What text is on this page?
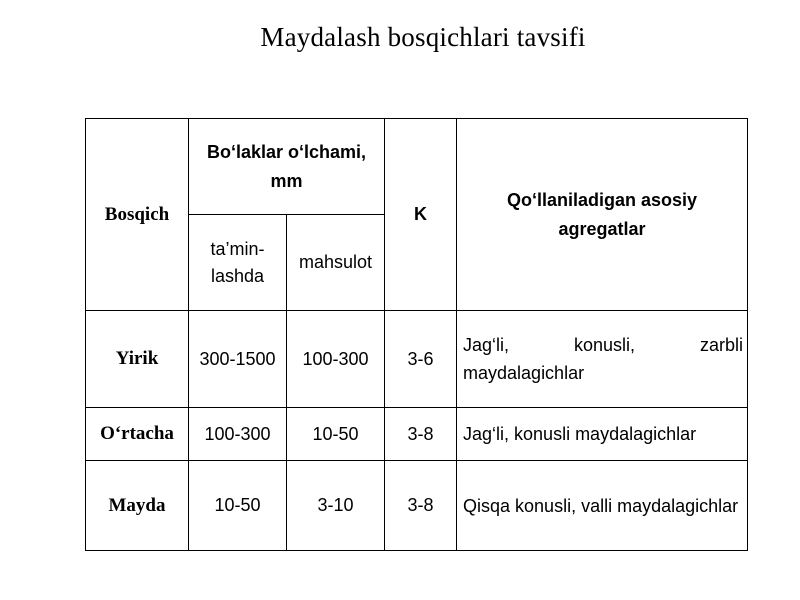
Maydalash bosqichlari tavsifi
Bosqich	Bo‘laklar o‘lchami, mm		K	Qo‘llaniladigan asosiy agregatlar

	ta’min-lashda	mahsulot		
Yirik	300-1500	100-300	3-6	Jag‘li, konusli, zarbli maydalagichlar
O‘rtacha	100-300	10-50	3-8	Jag‘li, konusli maydalagichlar
Mayda	10-50	3-10	3-8	Qisqa konusli, valli maydalagichlar
